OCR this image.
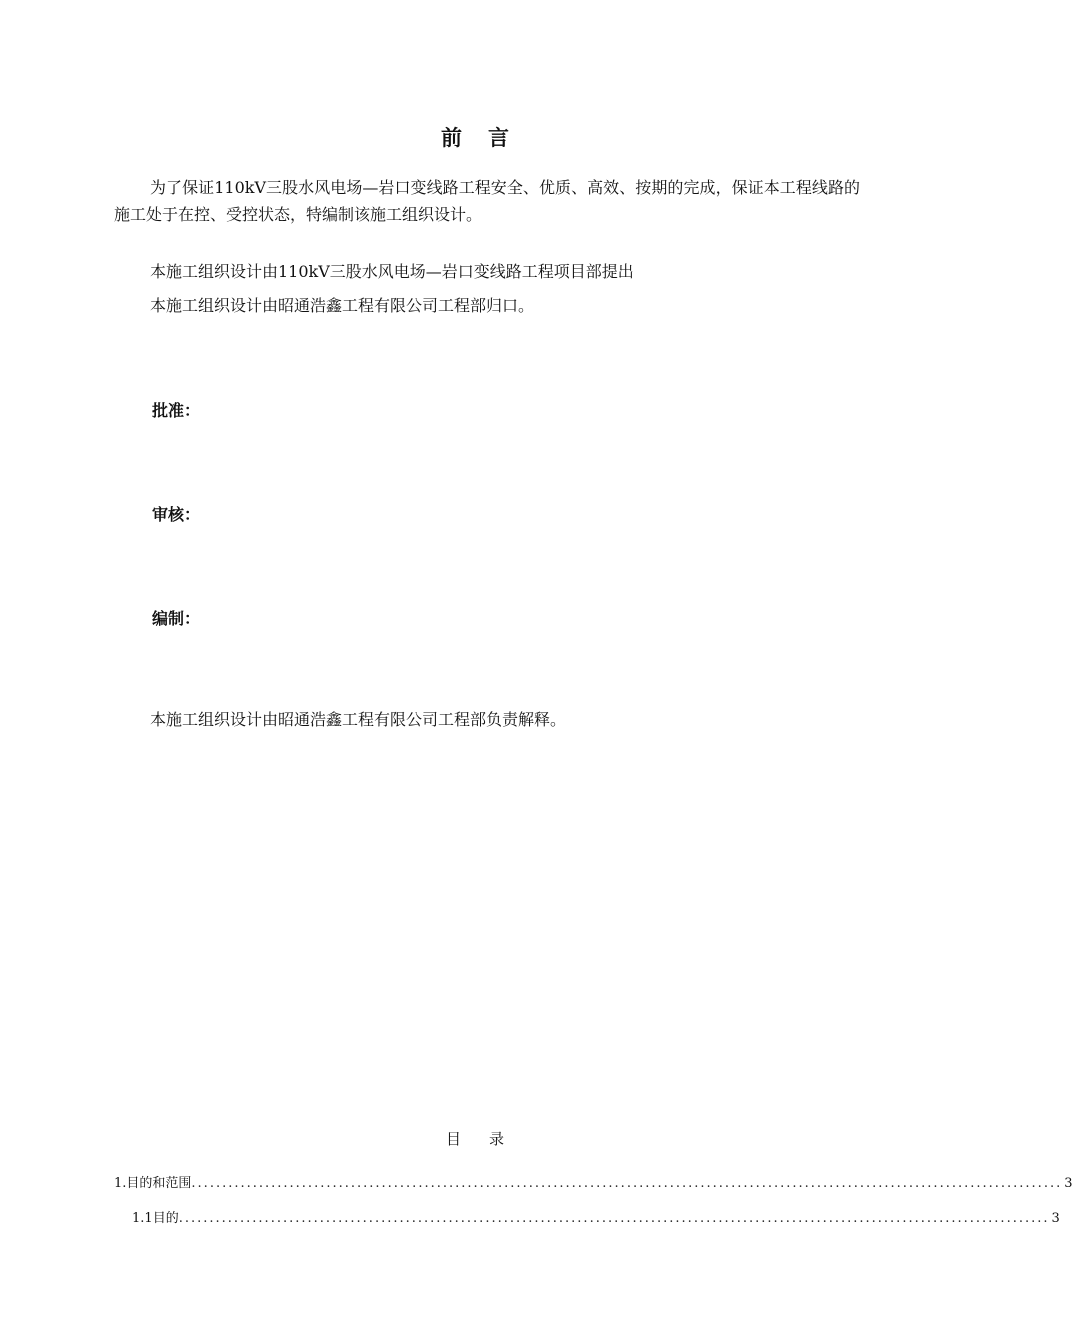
前 言
为了保证110kV三股水风电场—岩口变线路工程安全、优质、高效、按期的完成，保证本工程线路的施工处于在控、受控状态，特编制该施工组织设计。
本施工组织设计由110kV三股水风电场—岩口变线路工程项目部提出
本施工组织设计由昭通浩鑫工程有限公司工程部归口。
批准：
审核：
编制：
本施工组织设计由昭通浩鑫工程有限公司工程部负责解释。
目 录
1. 目的和范围 .............................................................................................................................................. 3
1.1 目的 .............................................................................................................................................. 3
